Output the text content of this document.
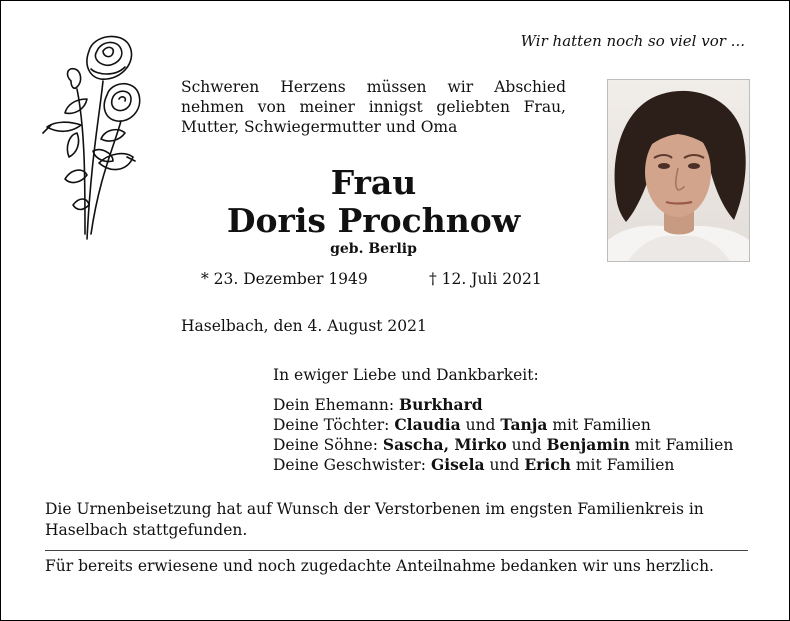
Wir hatten noch so viel vor ...
Schweren Herzens müssen wir Abschied nehmen von meiner innigst geliebten Frau, Mutter, Schwiegermutter und Oma
Frau
Doris Prochnow
geb. Berlip
* 23. Dezember 1949	† 12. Juli 2021
Haselbach, den 4. August 2021
In ewiger Liebe und Dankbarkeit:
Dein Ehemann: Burkhard
Deine Töchter: Claudia und Tanja mit Familien
Deine Söhne: Sascha, Mirko und Benjamin mit Familien
Deine Geschwister: Gisela und Erich mit Familien
Die Urnenbeisetzung hat auf Wunsch der Verstorbenen im engsten Familienkreis in Haselbach stattgefunden.
Für bereits erwiesene und noch zugedachte Anteilnahme bedanken wir uns herzlich.
